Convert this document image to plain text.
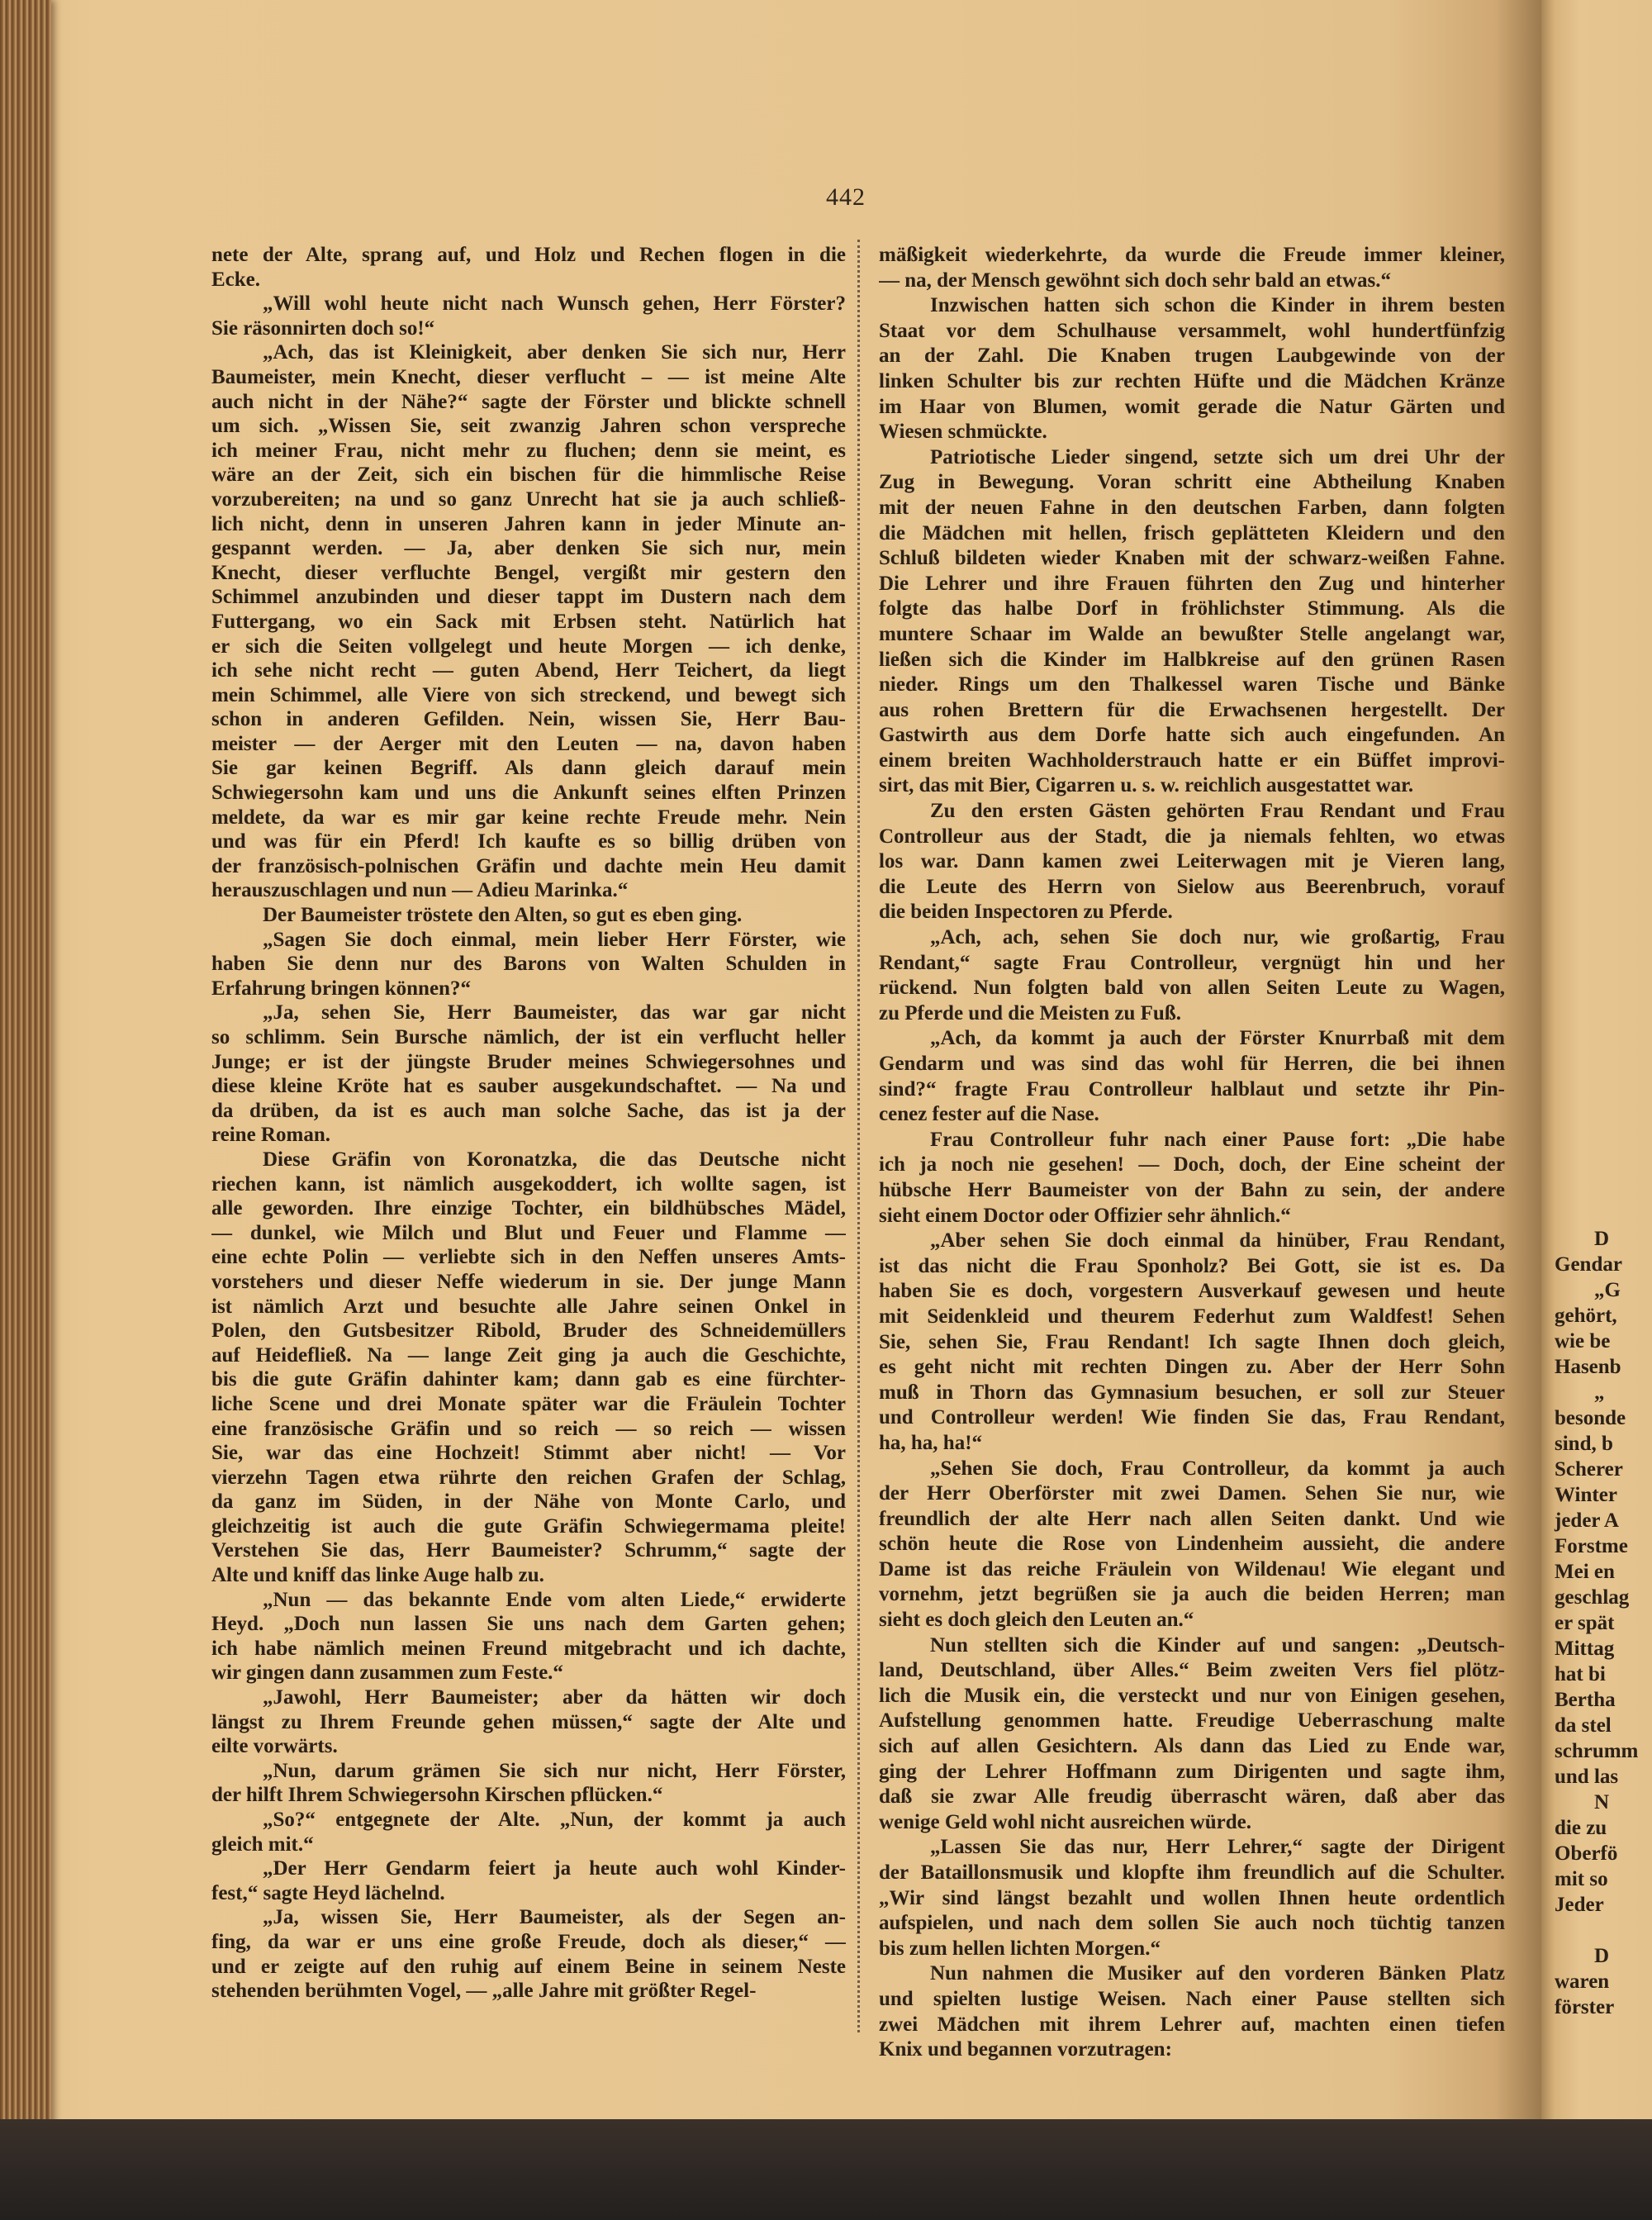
442
nete der Alte, sprang auf, und Holz und Rechen flogen in die
Ecke.
„Will wohl heute nicht nach Wunsch gehen, Herr Förster?
Sie räsonnirten doch so!“
„Ach, das ist Kleinigkeit, aber denken Sie sich nur, Herr
Baumeister, mein Knecht, dieser verflucht – — ist meine Alte
auch nicht in der Nähe?“ sagte der Förster und blickte schnell
um sich. „Wissen Sie, seit zwanzig Jahren schon verspreche
ich meiner Frau, nicht mehr zu fluchen; denn sie meint, es
wäre an der Zeit, sich ein bischen für die himmlische Reise
vorzubereiten; na und so ganz Unrecht hat sie ja auch schließ-
lich nicht, denn in unseren Jahren kann in jeder Minute an-
gespannt werden. — Ja, aber denken Sie sich nur, mein
Knecht, dieser verfluchte Bengel, vergißt mir gestern den
Schimmel anzubinden und dieser tappt im Dustern nach dem
Futtergang, wo ein Sack mit Erbsen steht. Natürlich hat
er sich die Seiten vollgelegt und heute Morgen — ich denke,
ich sehe nicht recht — guten Abend, Herr Teichert, da liegt
mein Schimmel, alle Viere von sich streckend, und bewegt sich
schon in anderen Gefilden. Nein, wissen Sie, Herr Bau-
meister — der Aerger mit den Leuten — na, davon haben
Sie gar keinen Begriff. Als dann gleich darauf mein
Schwiegersohn kam und uns die Ankunft seines elften Prinzen
meldete, da war es mir gar keine rechte Freude mehr. Nein
und was für ein Pferd! Ich kaufte es so billig drüben von
der französisch-polnischen Gräfin und dachte mein Heu damit
herauszuschlagen und nun — Adieu Marinka.“
Der Baumeister tröstete den Alten, so gut es eben ging.
„Sagen Sie doch einmal, mein lieber Herr Förster, wie
haben Sie denn nur des Barons von Walten Schulden in
Erfahrung bringen können?“
„Ja, sehen Sie, Herr Baumeister, das war gar nicht
so schlimm. Sein Bursche nämlich, der ist ein verflucht heller
Junge; er ist der jüngste Bruder meines Schwiegersohnes und
diese kleine Kröte hat es sauber ausgekundschaftet. — Na und
da drüben, da ist es auch man solche Sache, das ist ja der
reine Roman.
Diese Gräfin von Koronatzka, die das Deutsche nicht
riechen kann, ist nämlich ausgekoddert, ich wollte sagen, ist
alle geworden. Ihre einzige Tochter, ein bildhübsches Mädel,
— dunkel, wie Milch und Blut und Feuer und Flamme —
eine echte Polin — verliebte sich in den Neffen unseres Amts-
vorstehers und dieser Neffe wiederum in sie. Der junge Mann
ist nämlich Arzt und besuchte alle Jahre seinen Onkel in
Polen, den Gutsbesitzer Ribold, Bruder des Schneidemüllers
auf Heidefließ. Na — lange Zeit ging ja auch die Geschichte,
bis die gute Gräfin dahinter kam; dann gab es eine fürchter-
liche Scene und drei Monate später war die Fräulein Tochter
eine französische Gräfin und so reich — so reich — wissen
Sie, war das eine Hochzeit! Stimmt aber nicht! — Vor
vierzehn Tagen etwa rührte den reichen Grafen der Schlag,
da ganz im Süden, in der Nähe von Monte Carlo, und
gleichzeitig ist auch die gute Gräfin Schwiegermama pleite!
Verstehen Sie das, Herr Baumeister? Schrumm,“ sagte der
Alte und kniff das linke Auge halb zu.
„Nun — das bekannte Ende vom alten Liede,“ erwiderte
Heyd. „Doch nun lassen Sie uns nach dem Garten gehen;
ich habe nämlich meinen Freund mitgebracht und ich dachte,
wir gingen dann zusammen zum Feste.“
„Jawohl, Herr Baumeister; aber da hätten wir doch
längst zu Ihrem Freunde gehen müssen,“ sagte der Alte und
eilte vorwärts.
„Nun, darum grämen Sie sich nur nicht, Herr Förster,
der hilft Ihrem Schwiegersohn Kirschen pflücken.“
„So?“ entgegnete der Alte. „Nun, der kommt ja auch
gleich mit.“
„Der Herr Gendarm feiert ja heute auch wohl Kinder-
fest,“ sagte Heyd lächelnd.
„Ja, wissen Sie, Herr Baumeister, als der Segen an-
fing, da war er uns eine große Freude, doch als dieser,“ —
und er zeigte auf den ruhig auf einem Beine in seinem Neste
stehenden berühmten Vogel, — „alle Jahre mit größter Regel-
mäßigkeit wiederkehrte, da wurde die Freude immer kleiner,
— na, der Mensch gewöhnt sich doch sehr bald an etwas.“
Inzwischen hatten sich schon die Kinder in ihrem besten
Staat vor dem Schulhause versammelt, wohl hundertfünfzig
an der Zahl. Die Knaben trugen Laubgewinde von der
linken Schulter bis zur rechten Hüfte und die Mädchen Kränze
im Haar von Blumen, womit gerade die Natur Gärten und
Wiesen schmückte.
Patriotische Lieder singend, setzte sich um drei Uhr der
Zug in Bewegung. Voran schritt eine Abtheilung Knaben
mit der neuen Fahne in den deutschen Farben, dann folgten
die Mädchen mit hellen, frisch geplätteten Kleidern und den
Schluß bildeten wieder Knaben mit der schwarz-weißen Fahne.
Die Lehrer und ihre Frauen führten den Zug und hinterher
folgte das halbe Dorf in fröhlichster Stimmung. Als die
muntere Schaar im Walde an bewußter Stelle angelangt war,
ließen sich die Kinder im Halbkreise auf den grünen Rasen
nieder. Rings um den Thalkessel waren Tische und Bänke
aus rohen Brettern für die Erwachsenen hergestellt. Der
Gastwirth aus dem Dorfe hatte sich auch eingefunden. An
einem breiten Wachholderstrauch hatte er ein Büffet improvi-
sirt, das mit Bier, Cigarren u. s. w. reichlich ausgestattet war.
Zu den ersten Gästen gehörten Frau Rendant und Frau
Controlleur aus der Stadt, die ja niemals fehlten, wo etwas
los war. Dann kamen zwei Leiterwagen mit je Vieren lang,
die Leute des Herrn von Sielow aus Beerenbruch, vorauf
die beiden Inspectoren zu Pferde.
„Ach, ach, sehen Sie doch nur, wie großartig, Frau
Rendant,“ sagte Frau Controlleur, vergnügt hin und her
rückend. Nun folgten bald von allen Seiten Leute zu Wagen,
zu Pferde und die Meisten zu Fuß.
„Ach, da kommt ja auch der Förster Knurrbaß mit dem
Gendarm und was sind das wohl für Herren, die bei ihnen
sind?“ fragte Frau Controlleur halblaut und setzte ihr Pin-
cenez fester auf die Nase.
Frau Controlleur fuhr nach einer Pause fort: „Die habe
ich ja noch nie gesehen! — Doch, doch, der Eine scheint der
hübsche Herr Baumeister von der Bahn zu sein, der andere
sieht einem Doctor oder Offizier sehr ähnlich.“
„Aber sehen Sie doch einmal da hinüber, Frau Rendant,
ist das nicht die Frau Sponholz? Bei Gott, sie ist es. Da
haben Sie es doch, vorgestern Ausverkauf gewesen und heute
mit Seidenkleid und theurem Federhut zum Waldfest! Sehen
Sie, sehen Sie, Frau Rendant! Ich sagte Ihnen doch gleich,
es geht nicht mit rechten Dingen zu. Aber der Herr Sohn
muß in Thorn das Gymnasium besuchen, er soll zur Steuer
und Controlleur werden! Wie finden Sie das, Frau Rendant,
ha, ha, ha!“
„Sehen Sie doch, Frau Controlleur, da kommt ja auch
der Herr Oberförster mit zwei Damen. Sehen Sie nur, wie
freundlich der alte Herr nach allen Seiten dankt. Und wie
schön heute die Rose von Lindenheim aussieht, die andere
Dame ist das reiche Fräulein von Wildenau! Wie elegant und
vornehm, jetzt begrüßen sie ja auch die beiden Herren; man
sieht es doch gleich den Leuten an.“
Nun stellten sich die Kinder auf und sangen: „Deutsch-
land, Deutschland, über Alles.“ Beim zweiten Vers fiel plötz-
lich die Musik ein, die versteckt und nur von Einigen gesehen,
Aufstellung genommen hatte. Freudige Ueberraschung malte
sich auf allen Gesichtern. Als dann das Lied zu Ende war,
ging der Lehrer Hoffmann zum Dirigenten und sagte ihm,
daß sie zwar Alle freudig überrascht wären, daß aber das
wenige Geld wohl nicht ausreichen würde.
„Lassen Sie das nur, Herr Lehrer,“ sagte der Dirigent
der Bataillonsmusik und klopfte ihm freundlich auf die Schulter.
„Wir sind längst bezahlt und wollen Ihnen heute ordentlich
aufspielen, und nach dem sollen Sie auch noch tüchtig tanzen
bis zum hellen lichten Morgen.“
Nun nahmen die Musiker auf den vorderen Bänken Platz
und spielten lustige Weisen. Nach einer Pause stellten sich
zwei Mädchen mit ihrem Lehrer auf, machten einen tiefen
Knix und begannen vorzutragen:
D
Gendar
„G
gehört,
wie be
Hasenb
„
besonde
sind, b
Scherer
Winter
jeder A
Forstme
Mei en
geschlag
er spät
Mittag
hat bi
Bertha
da stel
schrumm
und las
N
die zu
Oberfö
mit so
Jeder
D
waren
förster
